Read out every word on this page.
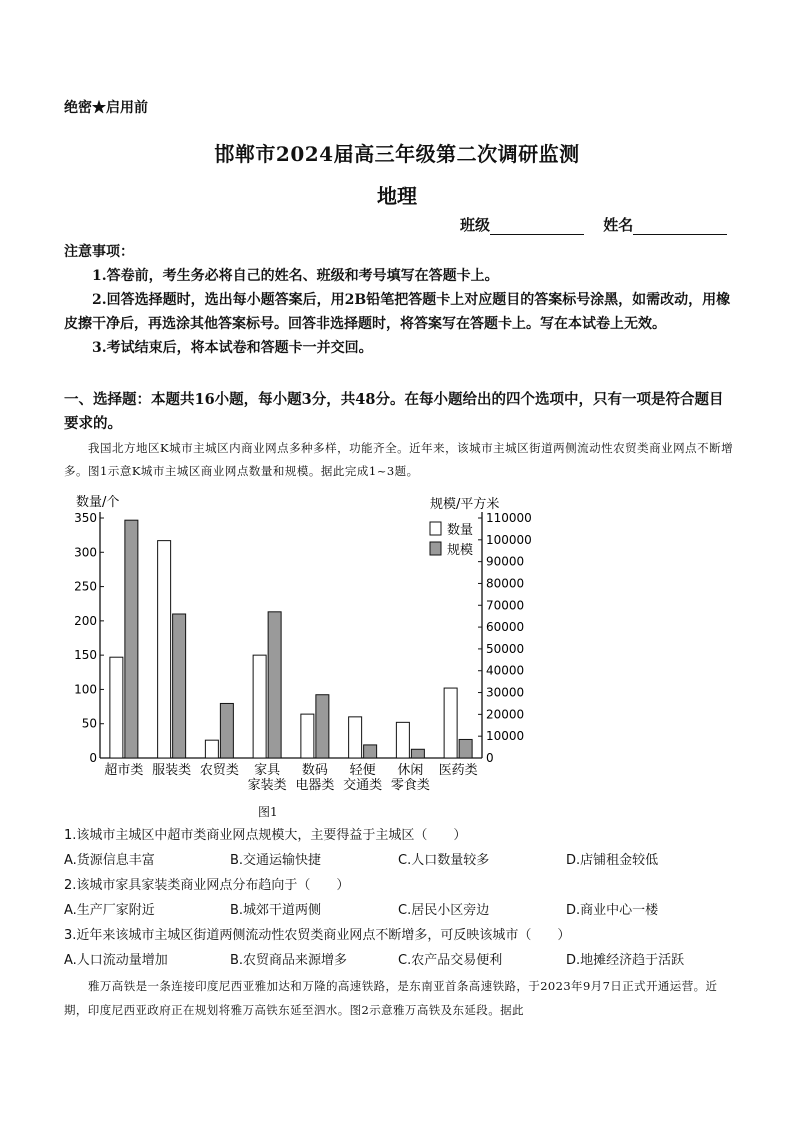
绝密★启用前
邯郸市2024届高三年级第二次调研监测
地理
班级	姓名
注意事项：

1.答卷前，考生务必将自己的姓名、班级和考号填写在答题卡上。

2.回答选择题时，选出每小题答案后，用2B铅笔把答题卡上对应题目的答案标号涂黑，如需改动，用橡皮擦干净后，再选涂其他答案标号。回答非选择题时，将答案写在答题卡上。写在本试卷上无效。

3.考试结束后，将本试卷和答题卡一并交回。

一、选择题：本题共16小题，每小题3分，共48分。在每小题给出的四个选项中，只有一项是符合题目要求的。
我国北方地区K城市主城区内商业网点多种多样，功能齐全。近年来，该城市主城区街道两侧流动性农贸类商业网点不断增多。图1示意K城市主城区商业网点数量和规模。据此完成1~3题。
数量/个	规模/平方米
0
50
100
150
200
250
300
350
0
10000
20000
30000
40000
50000
60000
70000
80000
90000
100000
110000
超市类 服装类 农贸类 家具
家装类
数码
电器类
轻便
交通类
休闲
零食类
医药类
数量
规模
图1
1.该城市主城区中超市类商业网点规模大，主要得益于主城区（　　）
A.货源信息丰富	B.交通运输快捷	C.人口数量较多	D.店铺租金较低
2.该城市家具家装类商业网点分布趋向于（　　）
A.生产厂家附近	B.城郊干道两侧	C.居民小区旁边	D.商业中心一楼
3.近年来该城市主城区街道两侧流动性农贸类商业网点不断增多，可反映该城市（　　）
A.人口流动量增加	B.农贸商品来源增多	C.农产品交易便利	D.地摊经济趋于活跃
雅万高铁是一条连接印度尼西亚雅加达和万隆的高速铁路，是东南亚首条高速铁路，于2023年9月7日正式开通运营。近期，印度尼西亚政府正在规划将雅万高铁东延至泗水。图2示意雅万高铁及东延段。据此
